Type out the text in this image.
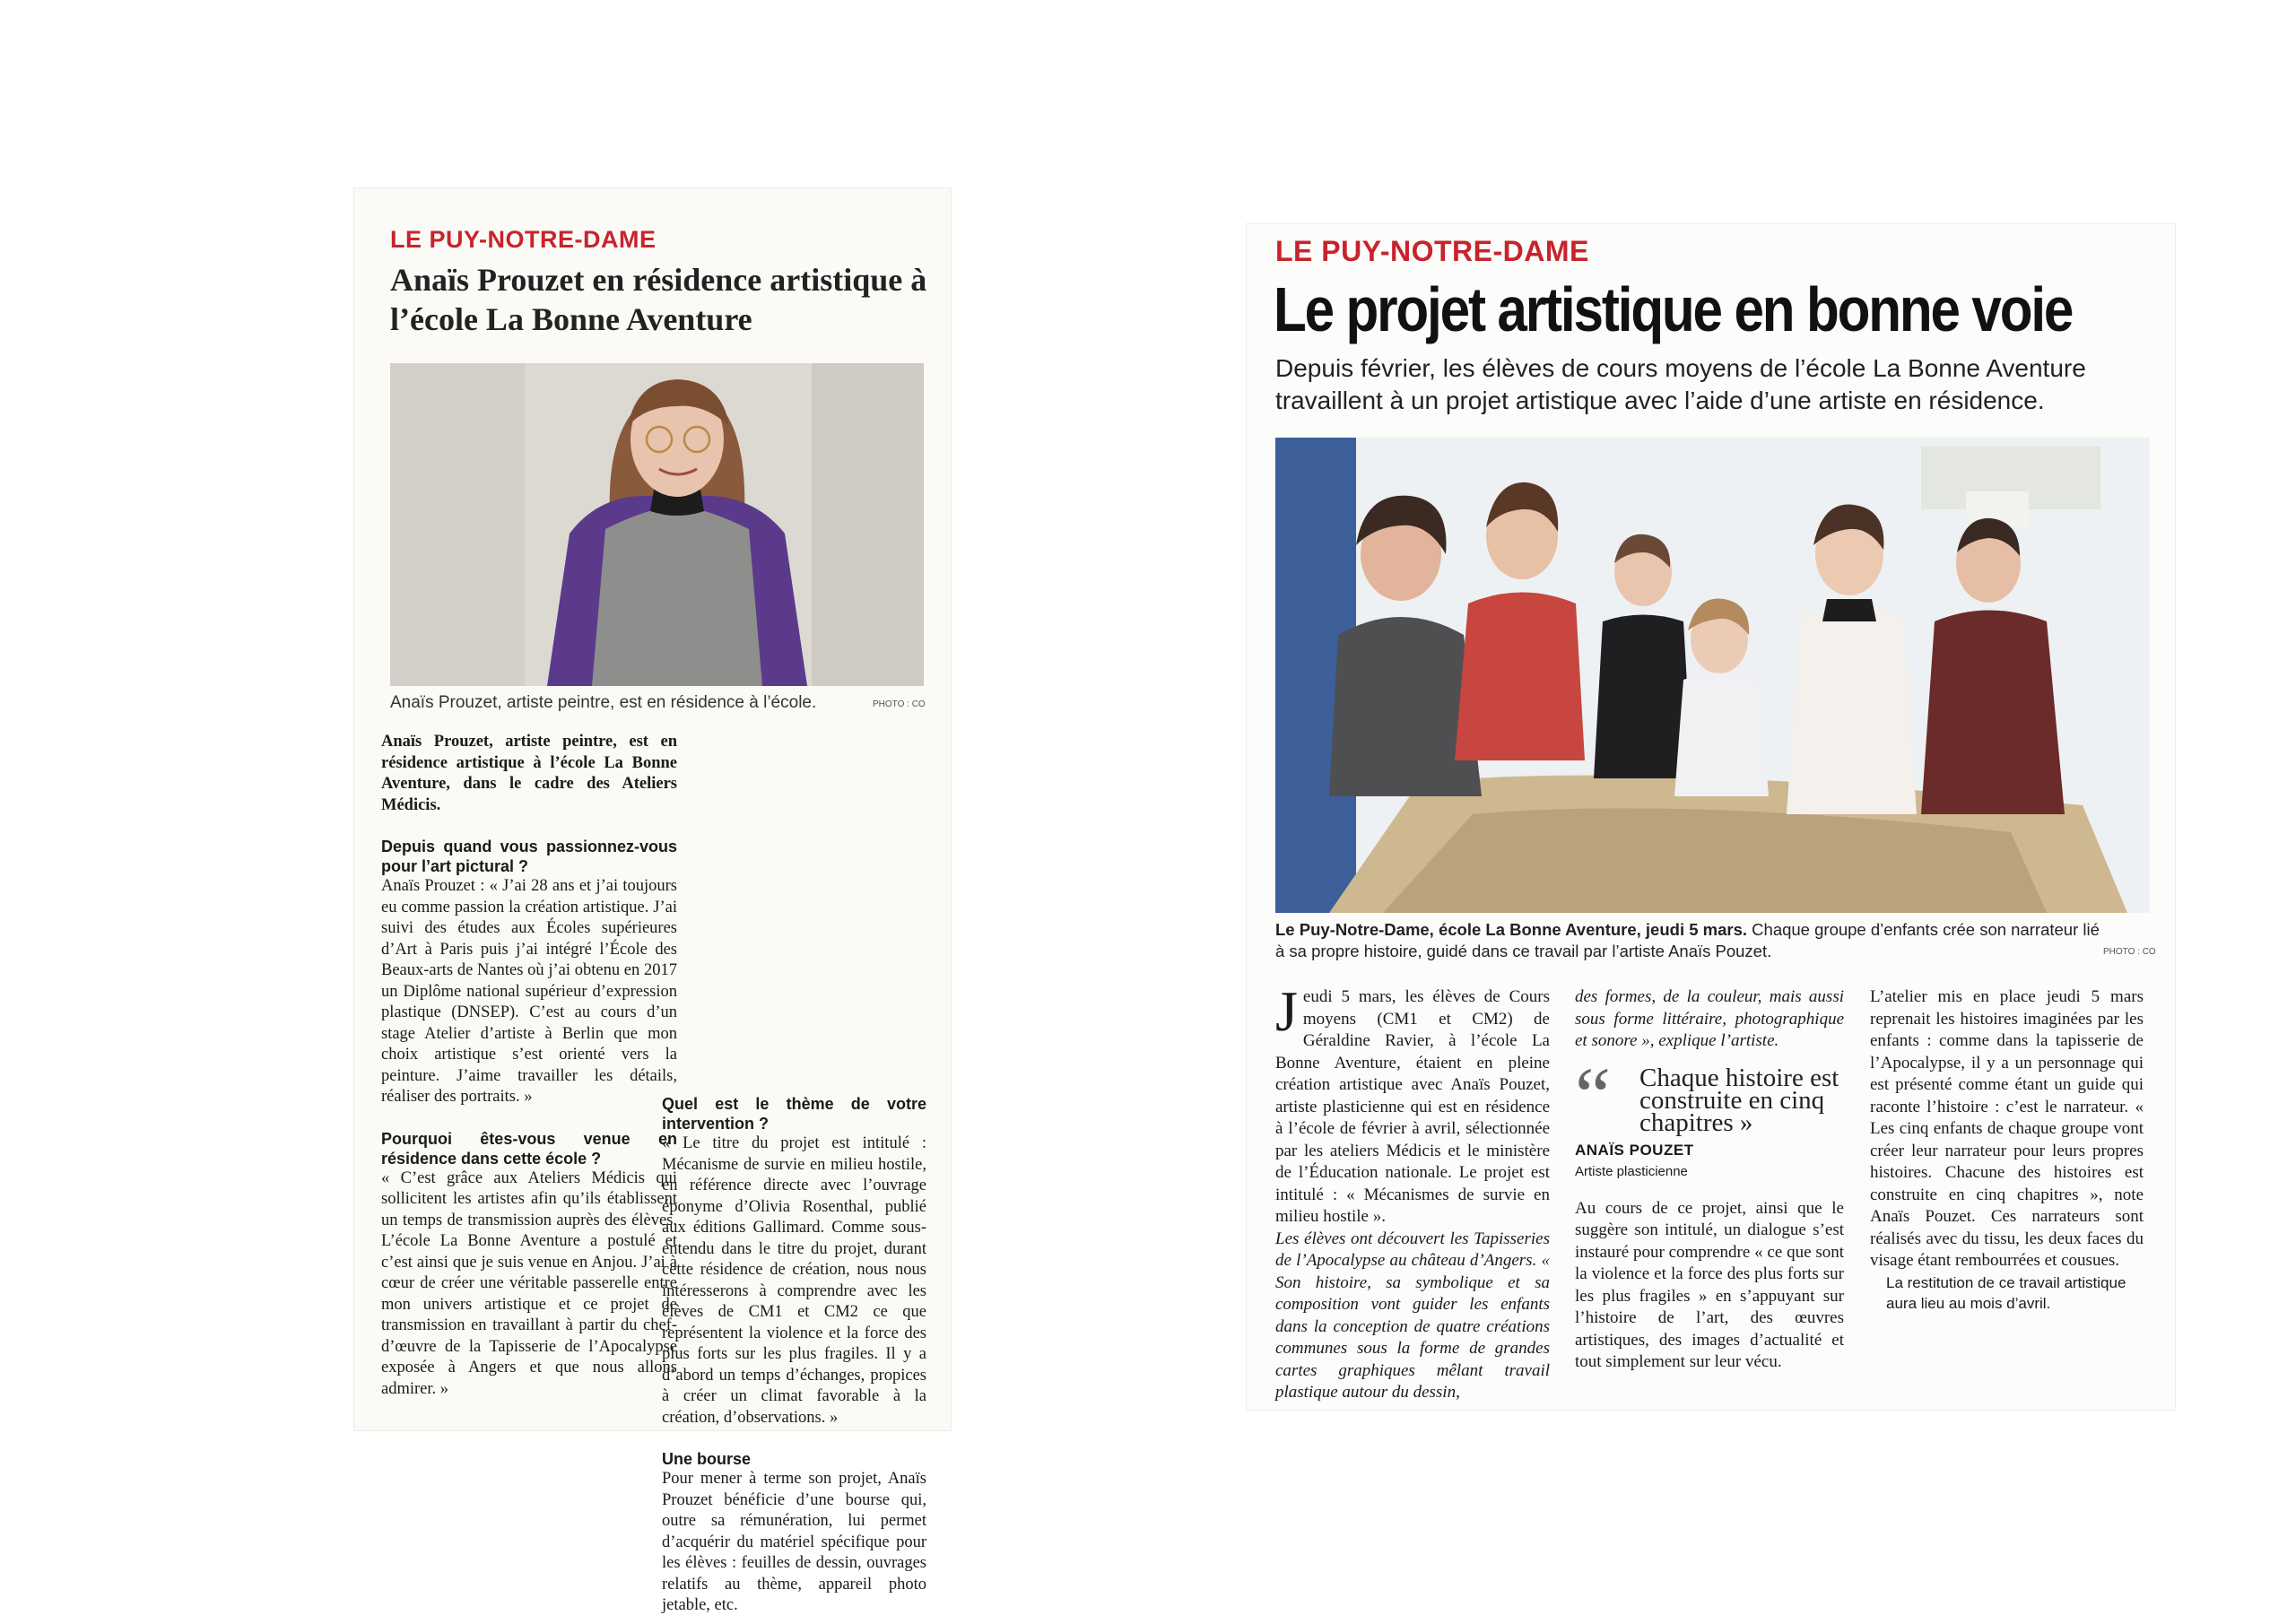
LE PUY-NOTRE-DAME
Anaïs Prouzet en résidence artistique à l’école La Bonne Aventure
Anaïs Prouzet, artiste peintre, est en résidence à l’école.	PHOTO : CO

Anaïs Prouzet, artiste peintre, est en résidence artistique à l’école La Bonne Aventure, dans le cadre des Ateliers Médicis.

Depuis quand vous passionnez-vous pour l’art pictural ?

Anaïs Prouzet : « J’ai 28 ans et j’ai toujours eu comme passion la création artistique. J’ai suivi des études aux Écoles supérieures d’Art à Paris puis j’ai intégré l’École des Beaux-arts de Nantes où j’ai obtenu en 2017 un Diplôme national supérieur d’expression plastique (DNSEP). C’est au cours d’un stage Atelier d’artiste à Berlin que mon choix artistique s’est orienté vers la peinture. J’aime travailler les détails, réaliser des portraits. »

Pourquoi êtes-vous venue en résidence dans cette école ?

« C’est grâce aux Ateliers Médicis qui sollicitent les artistes afin qu’ils établissent un temps de transmission auprès des élèves. L’école La Bonne Aventure a postulé et c’est ainsi que je suis venue en Anjou. J’ai à cœur de créer une véritable passerelle entre mon univers artistique et ce projet de transmission en travaillant à partir du chef-d’œuvre de la Tapisserie de l’Apocalypse exposée à Angers et que nous allons admirer. »

Quel est le thème de votre intervention ?

« Le titre du projet est intitulé : Mécanisme de survie en milieu hostile, en référence directe avec l’ouvrage éponyme d’Olivia Rosenthal, publié aux éditions Gallimard. Comme sous-entendu dans le titre du projet, durant cette résidence de création, nous nous intéresserons à comprendre avec les élèves de CM1 et CM2 ce que représentent la violence et la force des plus forts sur les plus fragiles. Il y a d’abord un temps d’échanges, propices à créer un climat favorable à la création, d’observations. »

Une bourse

Pour mener à terme son projet, Anaïs Prouzet bénéficie d’une bourse qui, outre sa rémunération, lui permet d’acquérir du matériel spécifique pour les élèves : feuilles de dessin, ouvrages relatifs au thème, appareil photo jetable, etc.

LE PUY-NOTRE-DAME
Le projet artistique en bonne voie
Depuis février, les élèves de cours moyens de l’école La Bonne Aventure travaillent à un projet artistique avec l’aide d’une artiste en résidence.
Le Puy-Notre-Dame, école La Bonne Aventure, jeudi 5 mars. Chaque groupe d’enfants crée son narrateur lié à sa propre histoire, guidé dans ce travail par l’artiste Anaïs Pouzet.	PHOTO : CO

Jeudi 5 mars, les élèves de Cours moyens (CM1 et CM2) de Géraldine Ravier, à l’école La Bonne Aventure, étaient en pleine création artistique avec Anaïs Pouzet, artiste plasticienne qui est en résidence à l’école de février à avril, sélectionnée par les ateliers Médicis et le ministère de l’Éducation nationale. Le projet est intitulé : « Mécanismes de survie en milieu hostile ».

Les élèves ont découvert les Tapisseries de l’Apocalypse au château d’Angers. « Son histoire, sa symbolique et sa composition vont guider les enfants dans la conception de quatre créations communes sous la forme de grandes cartes graphiques mêlant travail plastique autour du dessin,

des formes, de la couleur, mais aussi sous forme littéraire, photographique et sonore », explique l’artiste.

“ Chaque histoire est construite en cinq chapitres »
ANAÏS POUZET
Artiste plasticienne

Au cours de ce projet, ainsi que le suggère son intitulé, un dialogue s’est instauré pour comprendre « ce que sont la violence et la force des plus forts sur les plus fragiles » en s’appuyant sur l’histoire de l’art, des œuvres artistiques, des images d’actualité et tout simplement sur leur vécu.

L’atelier mis en place jeudi 5 mars reprenait les histoires imaginées par les enfants : comme dans la tapisserie de l’Apocalypse, il y a un personnage qui est présenté comme étant un guide qui raconte l’histoire : c’est le narrateur. « Les cinq enfants de chaque groupe vont créer leur narrateur pour leurs propres histoires. Chacune des histoires est construite en cinq chapitres », note Anaïs Pouzet. Ces narrateurs sont réalisés avec du tissu, les deux faces du visage étant rembourrées et cousues.

La restitution de ce travail artistique aura lieu au mois d’avril.
